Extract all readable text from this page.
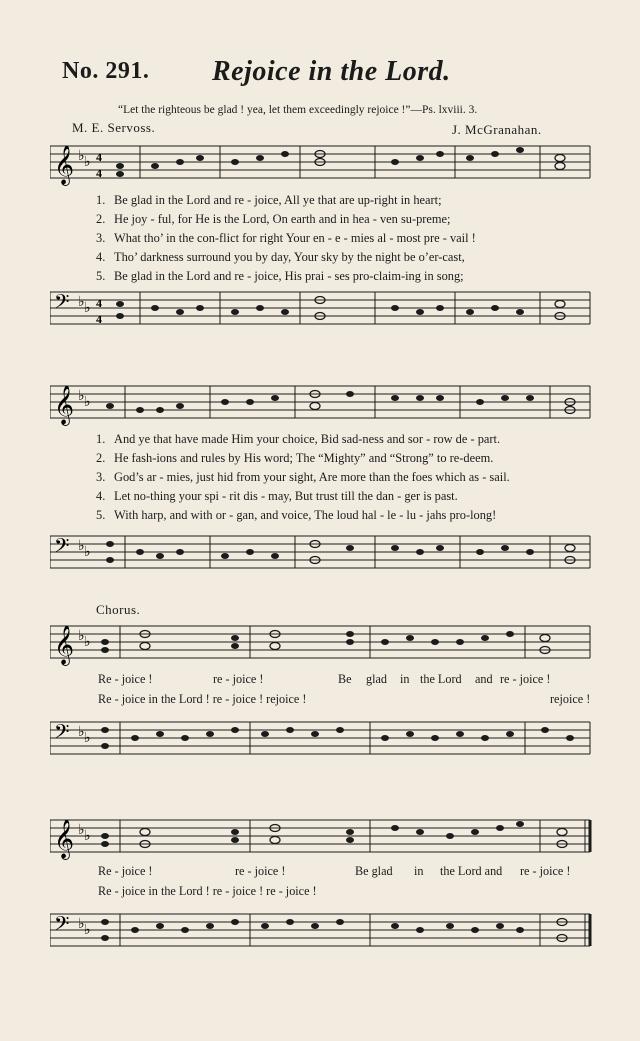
No. 291. Rejoice in the Lord.
“Let the righteous be glad ! yea, let them exceedingly rejoice !”—Ps. lxviii. 3.
M. E. Servoss.	J. McGranahan.
𝄞 ♭ ♭ 4
4
1. Be glad in the Lord and re - joice, All ye that are up-right in heart;
2. He joy - ful, for He is the Lord, On earth and in hea - ven su-preme;
3. What tho’ in the con-flict for right Your en - e - mies al - most pre - vail !
4. Tho’ darkness surround you by day, Your sky by the night be o’er-cast,
5. Be glad in the Lord and re - joice, His prai - ses pro-claim-ing in song;
𝄢 ♭ ♭ 4
4
𝄞 ♭ ♭
1. And ye that have made Him your choice, Bid sad-ness and sor - row de - part.
2. He fash-ions and rules by His word; The “Mighty” and “Strong” to re-deem.
3. God’s ar - mies, just hid from your sight, Are more than the foes which as - sail.
4. Let no-thing your spi - rit dis - may, But trust till the dan - ger is past.
5. With harp, and with or - gan, and voice, The loud hal - le - lu - jahs pro-long!
𝄢 ♭ ♭
Chorus.
𝄞 ♭ ♭
Re - joice !	re - joice !	Be glad in the Lord and re - joice !
Re - joice in the Lord ! re - joice ! rejoice !	rejoice !
𝄢 ♭ ♭
𝄞 ♭ ♭
Re - joice !	re - joice !	Be glad in the Lord and re - joice !
Re - joice in the Lord ! re - joice ! re - joice !
𝄢 ♭ ♭
